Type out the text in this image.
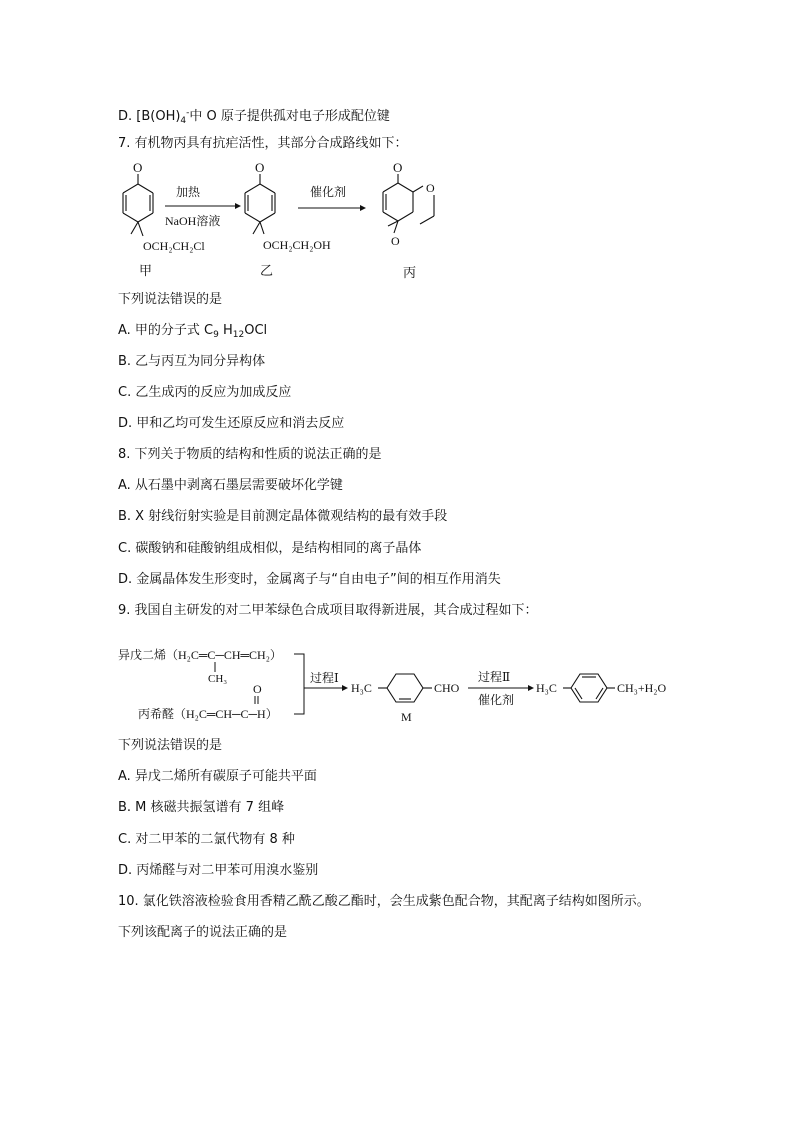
D. [$B(OH)_4^-$中 O 原子提供孤对电子形成配位键
7. 有机物丙具有抗疟活性，其部分合成路线如下：
O
OCH₂CH₂Cl
甲
加热
NaOH溶液
O
OCH₂CH₂OH
乙
催化剂
O
O
O
丙
下列说法错误的是
A. 甲的分子式 $C_9$ $H_{12}OCl$
B. 乙与丙互为同分异构体
C. 乙生成丙的反应为加成反应
D. 甲和乙均可发生还原反应和消去反应
8. 下列关于物质的结构和性质的说法正确的是
A. 从石墨中剥离石墨层需要破坏化学键
B. X 射线衍射实验是目前测定晶体微观结构的最有效手段
C. 碳酸钠和硅酸钠组成相似，是结构相同的离子晶体
D. 金属晶体发生形变时，金属离子与“自由电子”间的相互作用消失
9. 我国自主研发的对二甲苯绿色合成项目取得新进展，其合成过程如下：
异戊二烯（H₂C═C─CH═CH₂）
CH₃
O
丙希醛（H₂C═CH─C─H）
过程Ⅰ
H₃C	CHO
M
过程Ⅱ
催化剂
H₃C	CH₃+H₂O
下列说法错误的是
A. 异戊二烯所有碳原子可能共平面
B. M 核磁共振氢谱有 7 组峰
C. 对二甲苯的二氯代物有 8 种
D. 丙烯醛与对二甲苯可用溴水鉴别
10. 氯化铁溶液检验食用香精乙酰乙酸乙酯时，会生成紫色配合物，其配离子结构如图所示。
下列该配离子的说法正确的是
